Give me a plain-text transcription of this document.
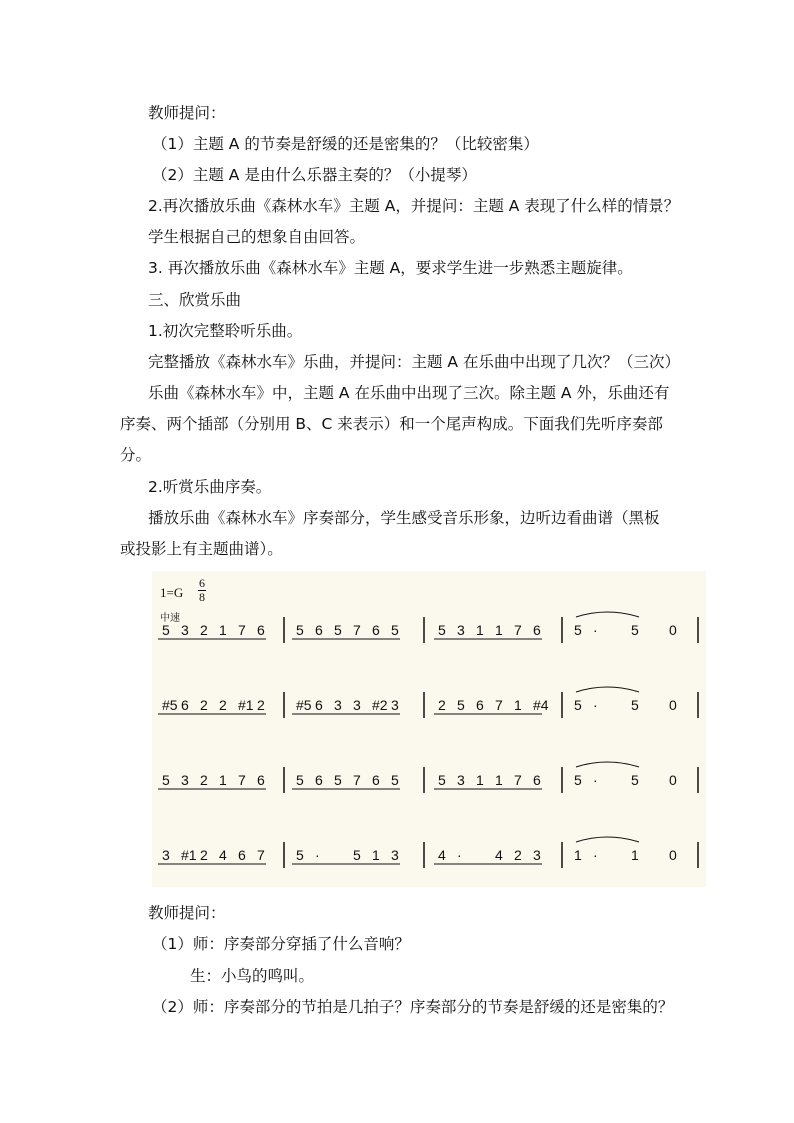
教师提问：
（1）主题 A 的节奏是舒缓的还是密集的？（比较密集）
（2）主题 A 是由什么乐器主奏的？（小提琴）
2.再次播放乐曲《森林水车》主题 A，并提问：主题 A 表现了什么样的情景？
学生根据自己的想象自由回答。
3. 再次播放乐曲《森林水车》主题 A，要求学生进一步熟悉主题旋律。
三、欣赏乐曲
1.初次完整聆听乐曲。
完整播放《森林水车》乐曲，并提问：主题 A 在乐曲中出现了几次？（三次）
乐曲《森林水车》中，主题 A 在乐曲中出现了三次。除主题 A 外，乐曲还有
序奏、两个插部（分别用 B、C 来表示）和一个尾声构成。下面我们先听序奏部
分。
2.听赏乐曲序奏。
播放乐曲《森林水车》序奏部分，学生感受音乐形象，边听边看曲谱（黑板
或投影上有主题曲谱）。
1=G
6
8
中速
5 3 2 1 7 6 5 6 5 7 6 5	5 3 1 1 7 6 5 · 5 0
#5 6 2 2 #1 2 #5 6 3 3 #2 3	2 5 6 7 1 #4 5 · 5 0
5 3 2 1 7 6 5 6 5 7 6 5	5 3 1 1 7 6 5 · 5 0
3 #1 2 4 6 7 5 · 5 1 3	4 · 4 2 3 1 · 1 0
教师提问：
（1）师：序奏部分穿插了什么音响？
生：小鸟的鸣叫。
（2）师：序奏部分的节拍是几拍子？序奏部分的节奏是舒缓的还是密集的？
